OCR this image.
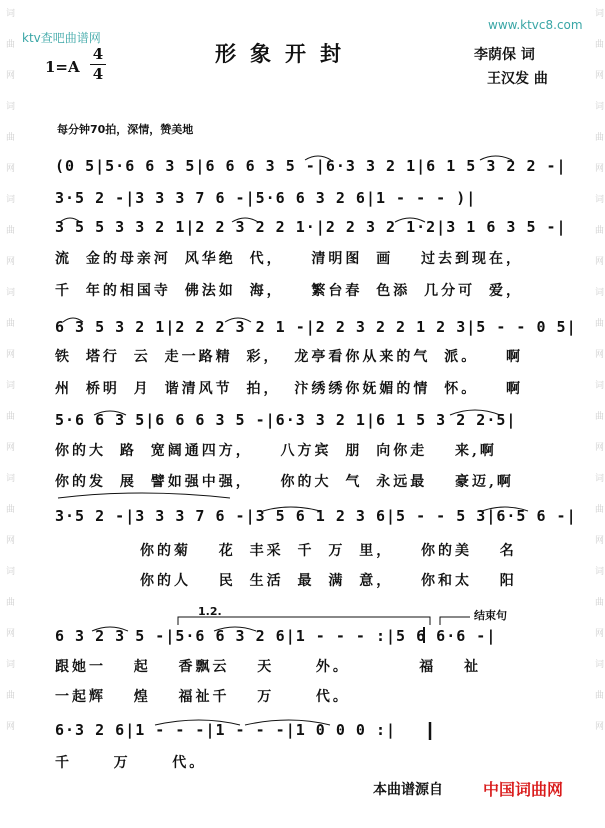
词曲网词曲网词曲网词曲网词曲网词曲网词曲网词曲网	词曲网词曲网词曲网词曲网词曲网词曲网词曲网词曲网
ktv查吧曲谱网
www.ktvc8.com
1=A
4
4
形象开封	李荫保 词
王汉发 曲
每分钟70拍，深情，赞美地
(0 5|5·6 6 3 5|6 6 6 3 5 -|6·3 3 2 1|6 1 5 3 2 2 -|
3·5 2 -|3 3 3 7 6 -|5·6 6 3 2 6|1 - - - )|
3 5 5 3 3 2 1|2 2 3 2 2 1·|2 2 3 2 1·2|3 1 6 3 5 -|
流 金的母亲河 风华绝 代，  清明图 画  过去到现在，
千 年的相国寺 佛法如 海，  繁台春 色添 几分可 爱，
6 3 5 3 2 1|2 2 2 3 2 1 -|2 2 3 2 2 1 2 3|5 - - 0 5|
铁 塔行 云 走一路精 彩， 龙亭看你从来的气 派。  啊
州 桥明 月 谐清风节 拍， 汴绣绣你妩媚的情 怀。  啊
5·6 6 3 5|6 6 6 3 5 -|6·3 3 2 1|6 1 5 3 2 2·5|
你的大 路 宽阔通四方，  八方宾 朋 向你走  来,啊
你的发 展 譬如强中强，  你的大 气 永远最  豪迈,啊
3·5 2 -|3 3 3 7 6 -|3 5 6 1 2 3 6|5 - - 5 3|6·5 6 -|
你的菊  花 丰采 千 万 里，  你的美  名
你的人  民 生活 最 满 意，  你和太  阳
1.2.	结束句
6 3 2 3 5 -|5·6 6 3 2 6|1 - - - :|5 6 6·6 -|
跟她一  起  香飘云  天   外。     福  祉
一起辉  煌  福祉千  万   代。
6·3 2 6|1 - - -|1 - - -|1 0 0 0 :|
千   万   代。
本曲谱源自	中国词曲网
